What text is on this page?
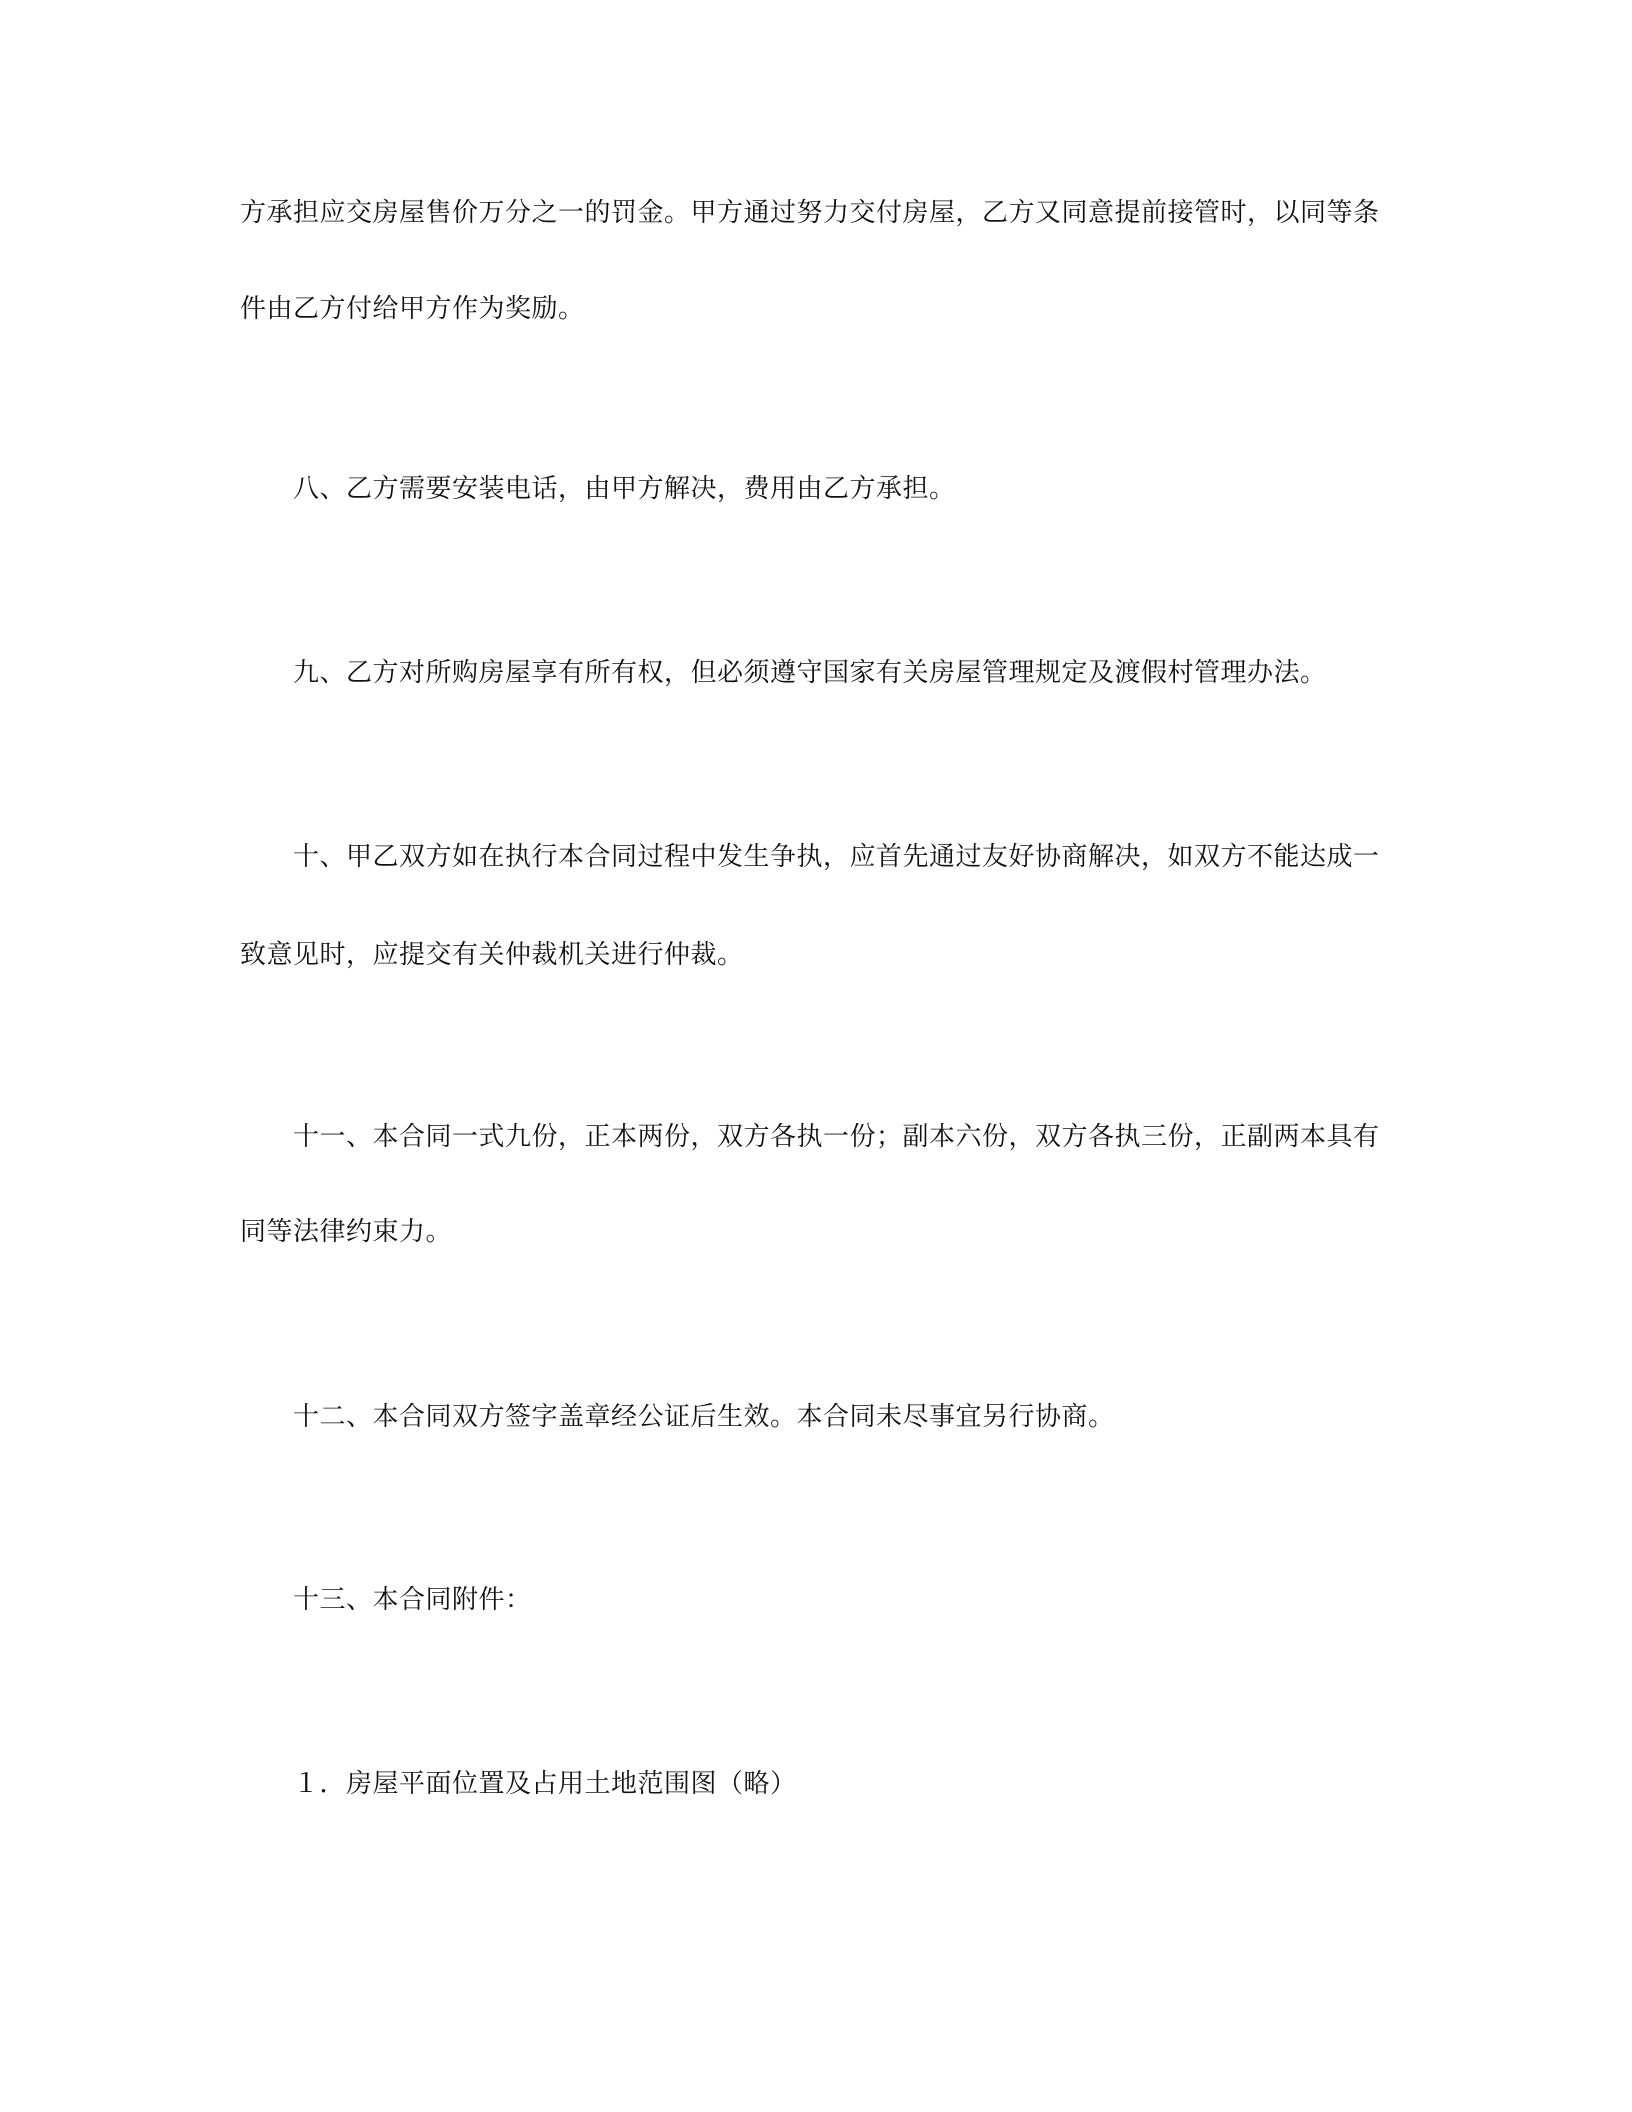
方承担应交房屋售价万分之一的罚金。甲方通过努力交付房屋，乙方又同意提前接管时，以同等条
件由乙方付给甲方作为奖励。
八、乙方需要安装电话，由甲方解决，费用由乙方承担。
九、乙方对所购房屋享有所有权，但必须遵守国家有关房屋管理规定及渡假村管理办法。
十、甲乙双方如在执行本合同过程中发生争执，应首先通过友好协商解决，如双方不能达成一
致意见时，应提交有关仲裁机关进行仲裁。
十一、本合同一式九份，正本两份，双方各执一份；副本六份，双方各执三份，正副两本具有
同等法律约束力。
十二、本合同双方签字盖章经公证后生效。本合同未尽事宜另行协商。
十三、本合同附件：
１．房屋平面位置及占用土地范围图（略）
